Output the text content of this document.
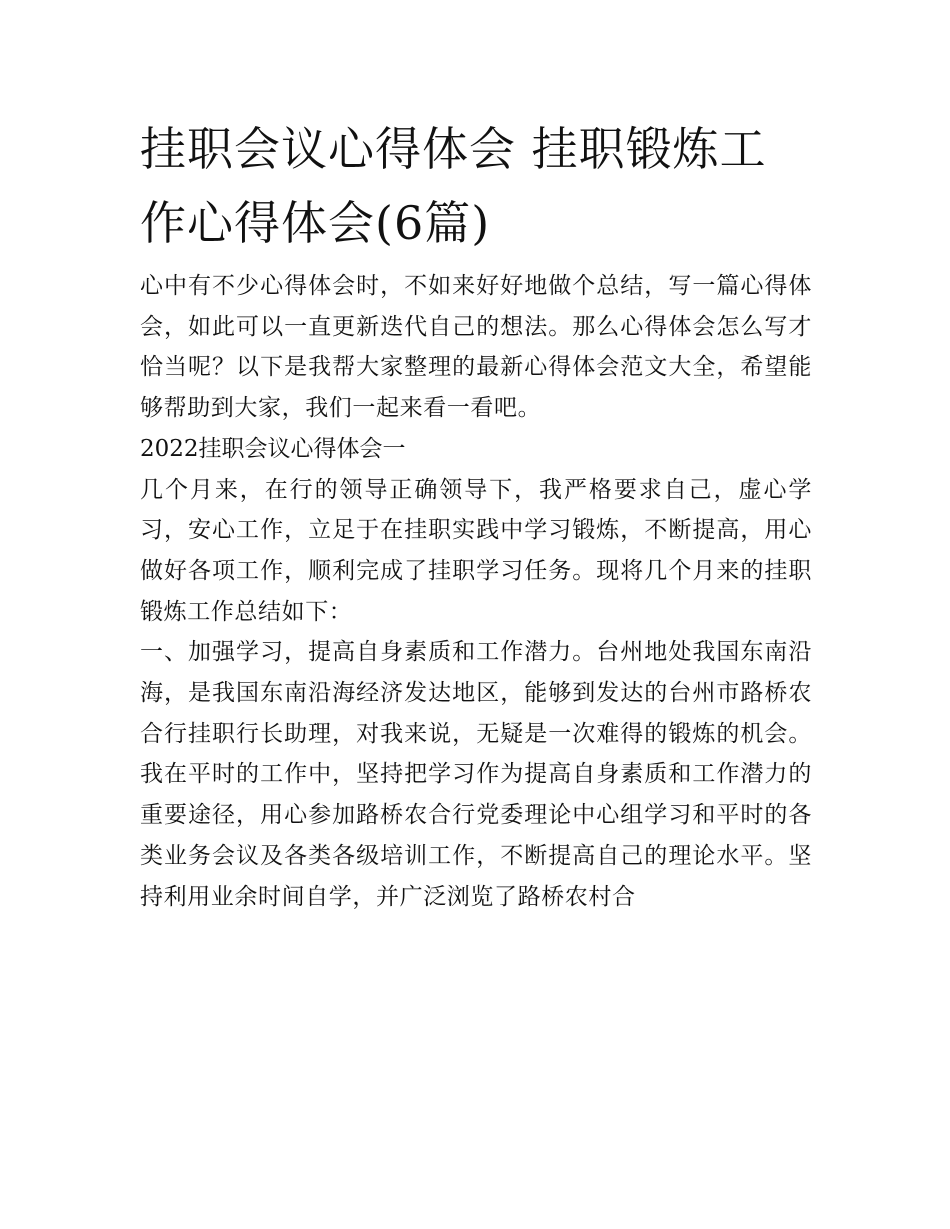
挂职会议心得体会 挂职锻炼工作心得体会(6篇)

心中有不少心得体会时，不如来好好地做个总结，写一篇心得体会，如此可以一直更新迭代自己的想法。那么心得体会怎么写才恰当呢？以下是我帮大家整理的最新心得体会范文大全，希望能够帮助到大家，我们一起来看一看吧。

2022挂职会议心得体会一

几个月来，在行的领导正确领导下，我严格要求自己，虚心学习，安心工作，立足于在挂职实践中学习锻炼，不断提高，用心做好各项工作，顺利完成了挂职学习任务。现将几个月来的挂职锻炼工作总结如下：

一、加强学习，提高自身素质和工作潜力。台州地处我国东南沿海，是我国东南沿海经济发达地区，能够到发达的台州市路桥农合行挂职行长助理，对我来说，无疑是一次难得的锻炼的机会。我在平时的工作中，坚持把学习作为提高自身素质和工作潜力的重要途径，用心参加路桥农合行党委理论中心组学习和平时的各类业务会议及各类各级培训工作，不断提高自己的理论水平。坚持利用业余时间自学，并广泛浏览了路桥农村合
